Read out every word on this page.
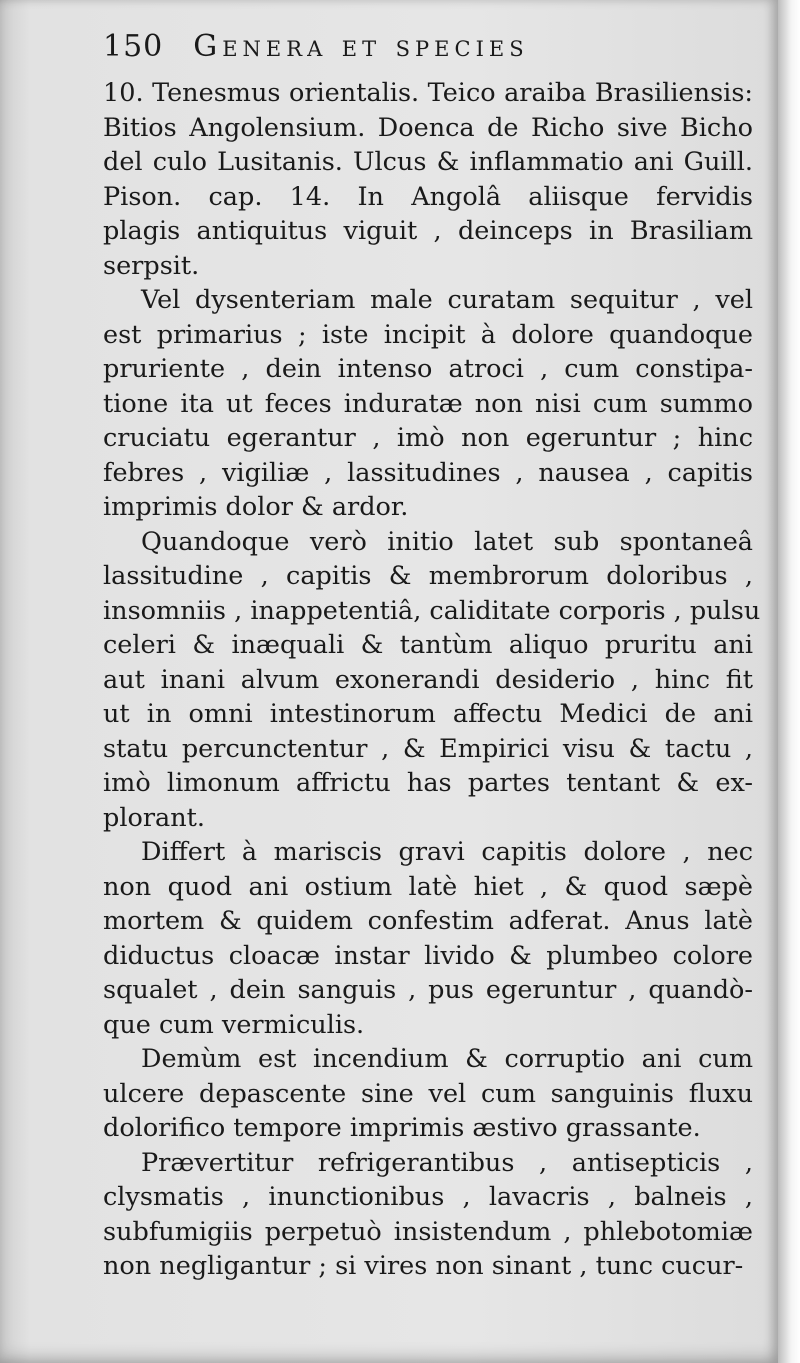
150 Genera et species
10. Tenesmus orientalis. Teico araiba Brasiliensis:
Bitios Angolensium. Doenca de Richo sive Bicho
del culo Lusitanis. Ulcus & inflammatio ani Guill.
Pison. cap. 14. In Angolâ aliisque fervidis
plagis antiquitus viguit , deinceps in Brasiliam
serpsit.
Vel dysenteriam male curatam sequitur , vel
est primarius ; iste incipit à dolore quandoque
pruriente , dein intenso atroci , cum constipa-
tione ita ut feces induratæ non nisi cum summo
cruciatu egerantur , imò non egeruntur ; hinc
febres , vigiliæ , lassitudines , nausea , capitis
imprimis dolor & ardor.
Quandoque verò initio latet sub spontaneâ
lassitudine , capitis & membrorum doloribus ,
insomniis , inappetentiâ, caliditate corporis , pulsu
celeri & inæquali & tantùm aliquo pruritu ani
aut inani alvum exonerandi desiderio , hinc fit
ut in omni intestinorum affectu Medici de ani
statu percunctentur , & Empirici visu & tactu ,
imò limonum affrictu has partes tentant & ex-
plorant.
Differt à mariscis gravi capitis dolore , nec
non quod ani ostium latè hiet , & quod sæpè
mortem & quidem confestim adferat. Anus latè
diductus cloacæ instar livido & plumbeo colore
squalet , dein sanguis , pus egeruntur , quandò-
que cum vermiculis.
Demùm est incendium & corruptio ani cum
ulcere depascente sine vel cum sanguinis fluxu
dolorifico tempore imprimis æstivo grassante.
Prævertitur refrigerantibus , antisepticis ,
clysmatis , inunctionibus , lavacris , balneis ,
subfumigiis perpetuò insistendum , phlebotomiæ
non negligantur ; si vires non sinant , tunc cucur-
